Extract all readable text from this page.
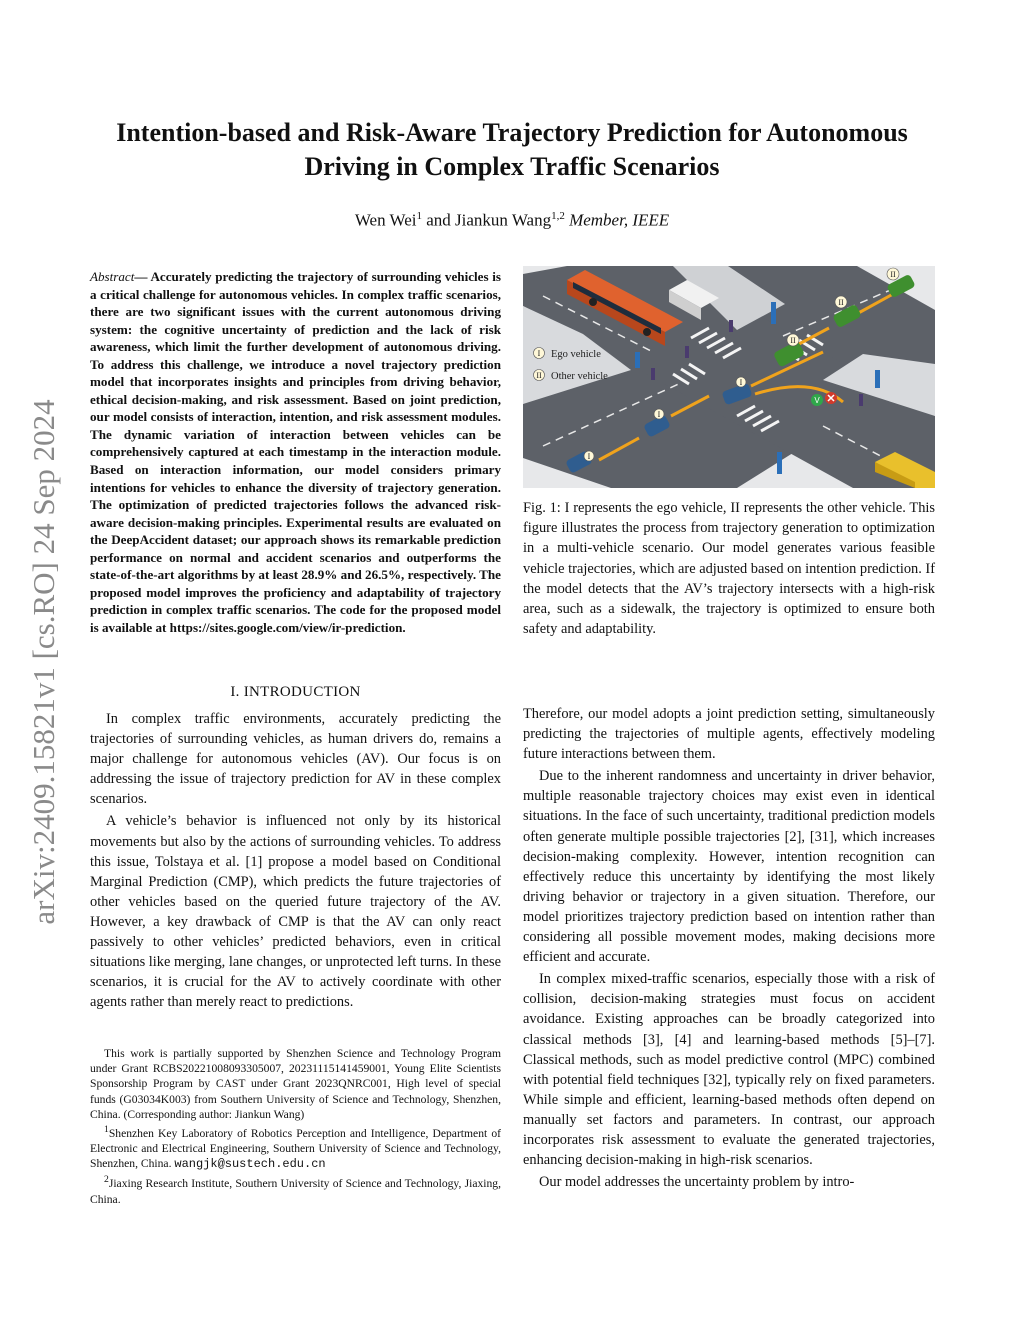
Intention-based and Risk-Aware Trajectory Prediction for Autonomous
Driving in Complex Traffic Scenarios
Wen Wei$^1$ and Jiankun Wang$^{1,2}$ Member, IEEE
arXiv:2409.15821v1 [cs.RO] 24 Sep 2024
Abstract— Accurately predicting the trajectory of surrounding vehicles is a critical challenge for autonomous vehicles. In complex traffic scenarios, there are two significant issues with the current autonomous driving system: the cognitive uncertainty of prediction and the lack of risk awareness, which limit the further development of autonomous driving. To address this challenge, we introduce a novel trajectory prediction model that incorporates insights and principles from driving behavior, ethical decision-making, and risk assessment. Based on joint prediction, our model consists of interaction, intention, and risk assessment modules. The dynamic variation of interaction between vehicles can be comprehensively captured at each timestamp in the interaction module. Based on interaction information, our model considers primary intentions for vehicles to enhance the diversity of trajectory generation. The optimization of predicted trajectories follows the advanced risk-aware decision-making principles. Experimental results are evaluated on the DeepAccident dataset; our approach shows its remarkable prediction performance on normal and accident scenarios and outperforms the state-of-the-art algorithms by at least 28.9% and 26.5%, respectively. The proposed model improves the proficiency and adaptability of trajectory prediction in complex traffic scenarios. The code for the proposed model is available at https://sites.google.com/view/ir-prediction.
I. INTRODUCTION

In complex traffic environments, accurately predicting the trajectories of surrounding vehicles, as human drivers do, remains a major challenge for autonomous vehicles (AV). Our focus is on addressing the issue of trajectory prediction for AV in these complex scenarios.

A vehicle’s behavior is influenced not only by its historical movements but also by the actions of surrounding vehicles. To address this issue, Tolstaya et al. [1] propose a model based on Conditional Marginal Prediction (CMP), which predicts the future trajectories of other vehicles based on the queried future trajectory of the AV. However, a key drawback of CMP is that the AV can only react passively to other vehicles’ predicted behaviors, even in critical situations like merging, lane changes, or unprotected left turns. In these scenarios, it is crucial for the AV to actively coordinate with other agents rather than merely react to predictions.

This work is partially supported by Shenzhen Science and Technology Program under Grant RCBS20221008093305007, 20231115141459001, Young Elite Scientists Sponsorship Program by CAST under Grant 2023QNRC001, High level of special funds (G03034K003) from Southern University of Science and Technology, Shenzhen, China. (Corresponding author: Jiankun Wang)

$^1$Shenzhen Key Laboratory of Robotics Perception and Intelligence, Department of Electronic and Electrical Engineering, Southern University of Science and Technology, Shenzhen, China. wangjk@sustech.edu.cn

$^2$Jiaxing Research Institute, Southern University of Science and Technology, Jiaxing, China.

I
I
I
II
II
II
V
I Ego vehicle
II Other vehicle
Fig. 1: I represents the ego vehicle, II represents the other vehicle. This figure illustrates the process from trajectory generation to optimization in a multi-vehicle scenario. Our model generates various feasible vehicle trajectories, which are adjusted based on intention prediction. If the model detects that the AV’s trajectory intersects with a high-risk area, such as a sidewalk, the trajectory is optimized to ensure both safety and adaptability.

Therefore, our model adopts a joint prediction setting, simultaneously predicting the trajectories of multiple agents, effectively modeling future interactions between them.

Due to the inherent randomness and uncertainty in driver behavior, multiple reasonable trajectory choices may exist even in identical situations. In the face of such uncertainty, traditional prediction models often generate multiple possible trajectories [2], [31], which increases decision-making complexity. However, intention recognition can effectively reduce this uncertainty by identifying the most likely driving behavior or trajectory in a given situation. Therefore, our model prioritizes trajectory prediction based on intention rather than considering all possible movement modes, making decisions more efficient and accurate.

In complex mixed-traffic scenarios, especially those with a risk of collision, decision-making strategies must focus on accident avoidance. Existing approaches can be broadly categorized into classical methods [3], [4] and learning-based methods [5]–[7]. Classical methods, such as model predictive control (MPC) combined with potential field techniques [32], typically rely on fixed parameters. While simple and efficient, learning-based methods often depend on manually set factors and parameters. In contrast, our approach incorporates risk assessment to evaluate the generated trajectories, enhancing decision-making in high-risk scenarios.

Our model addresses the uncertainty problem by intro-
